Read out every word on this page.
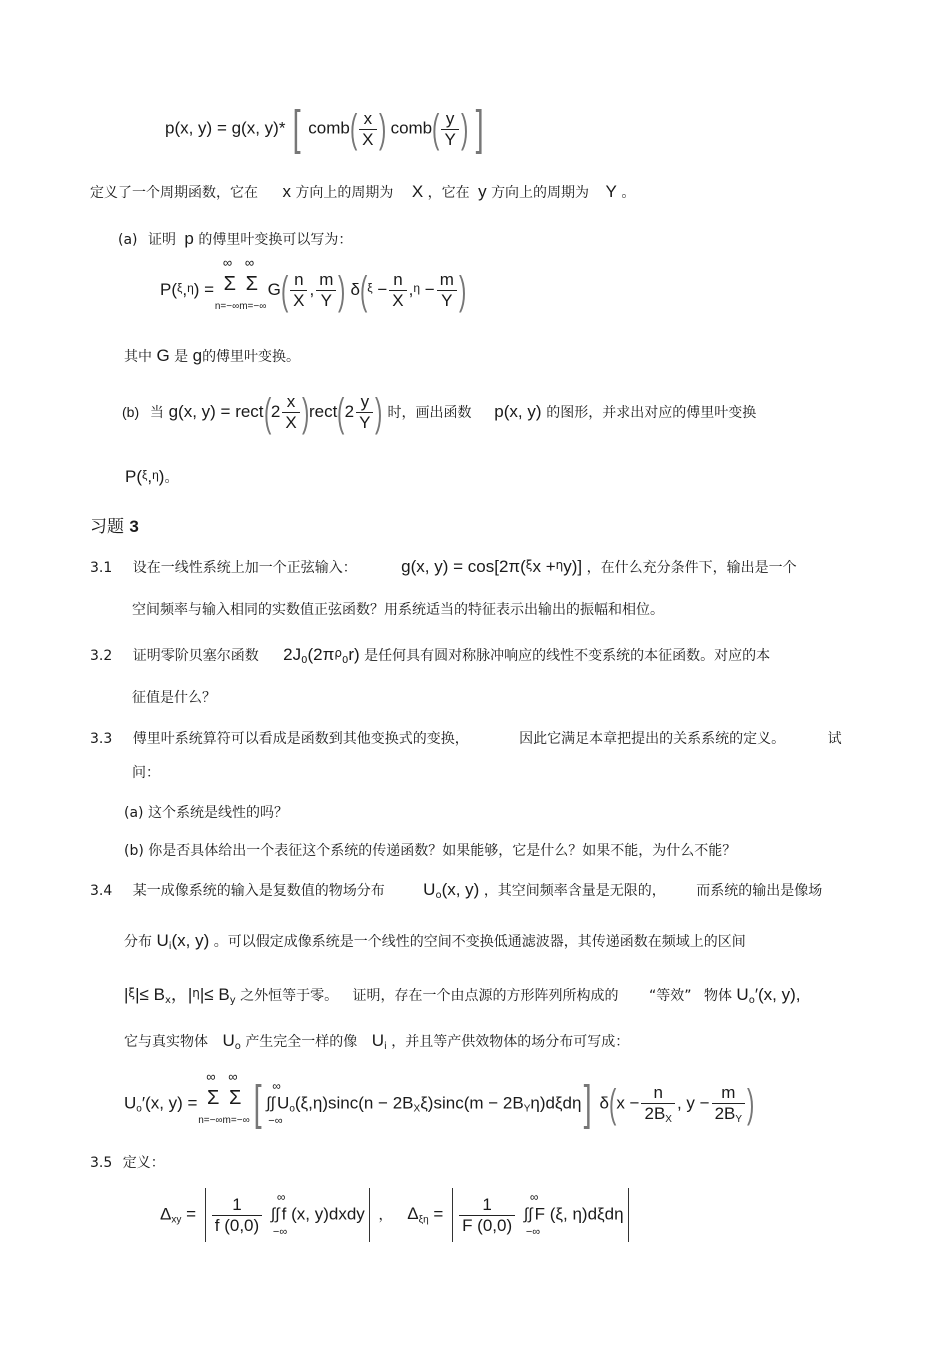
p(x, y) = g(x, y)* [ comb( $\frac{x}{X}$ ) comb( $\frac{y}{Y}$ ) ]
定义了一个周期函数，它在 x 方向上的周期为 X ，它在 y 方向上的周期为 Y 。
(a) 证明 p 的傅里叶变换可以写为：
P(ξ,η) =
∞
Σ
∞
Σ
n=−∞m=−∞
$G( \frac{n}{X}$ , $\frac{m}{Y}$ ) $\delta(\xi - \frac{n}{X} ,\eta - \frac{m}{Y}$ )
其中 G 是 g的傅里叶变换。
(b) 当 g(x, y) = rect(2 $\frac{x}{X}$ )rect(2 $\frac{y}{Y}$ ) 时，画出函数 p(x, y) 的图形，并求出对应的傅里叶变换
P(ξ,η)。
习题 3
3.1 设在一线性系统上加一个正弦输入：	g(x, y) = cos[2π(ξx +ηy)] ，在什么充分条件下，输出是一个
空间频率与输入相同的实数值正弦函数？用系统适当的特征表示出输出的振幅和相位。
3.2 证明零阶贝塞尔函数 $2J_0(2\pi\rho_0r)$ 是任何具有圆对称脉冲响应的线性不变系统的本征函数。对应的本
征值是什么？
3.3 傅里叶系统算符可以看成是函数到其他变换式的变换，	因此它满足本章把提出的关系系统的定义。	试
问：
(a) 这个系统是线性的吗？
(b) 你是否具体给出一个表征这个系统的传递函数？如果能够，它是什么？如果不能，为什么不能？
3.4 某一成像系统的输入是复数值的物场分布 $U_o(x$, y) ，其空间频率含量是无限的， 而系统的输出是像场
分布 $U_i(x$, y) 。可以假定成像系统是一个线性的空间不变换低通滤波器，其传递函数在频域上的区间
$|\xi|\le B_x$，$|\eta|\le B_y$ 之外恒等于零。 证明，存在一个由点源的方形阵列所构成的 “等效” 物体 $U_o'(x$, y),
它与真实物体 $U_o$ 产生完全一样的像 $U_i$ ，并且等产供效物体的场分布可写成：
$U_o'(x$, y) =
∞
Σ
∞
Σ
n=−∞m=−∞ [ ∞
∫∫
−∞
$U_o(\xi,\eta)\sin c(n - 2B_X\xi)\sin c(m - 2B_Y\eta)d\xi d\eta$] $\delta(x - \frac{n}{2B_X}$ , $y - \frac{m}{2B_Y}$ )
3.5 定义：
$\Delta_{xy} = \frac{1}{f (0,0)}$
∞
∫∫
−∞
f (x, y)dxdy ， $\Delta_{\xi\eta} = \frac{1}{F (0,0)}$
∞
∫∫
−∞
F (ξ, η)dξdη
